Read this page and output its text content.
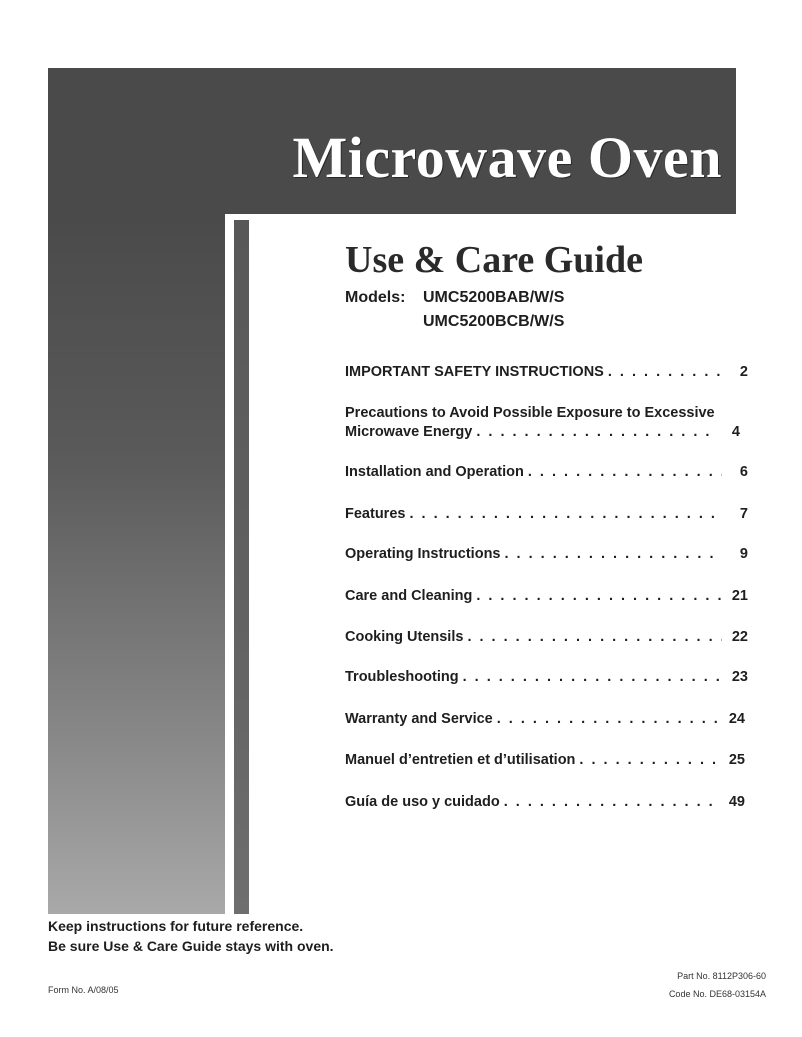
Microwave Oven
Use & Care Guide
Models: UMC5200BAB/W/S
UMC5200BCB/W/S
IMPORTANT SAFETY INSTRUCTIONS . . .	2
Precautions to Avoid Possible Exposure to Excessive
Microwave Energy . . .	4
Installation and Operation . . .	6
Features . . .	7
Operating Instructions . . .	9
Care and Cleaning . . .	21
Cooking Utensils . . .	22
Troubleshooting . . .	23
Warranty and Service . . .	24
Manuel d’entretien et d’utilisation . . .	25
Guía de uso y cuidado . . .	49
Keep instructions for future reference.
Be sure Use & Care Guide stays with oven.
Part No. 8112P306-60
Code No. DE68-03154A
Form No. A/08/05
